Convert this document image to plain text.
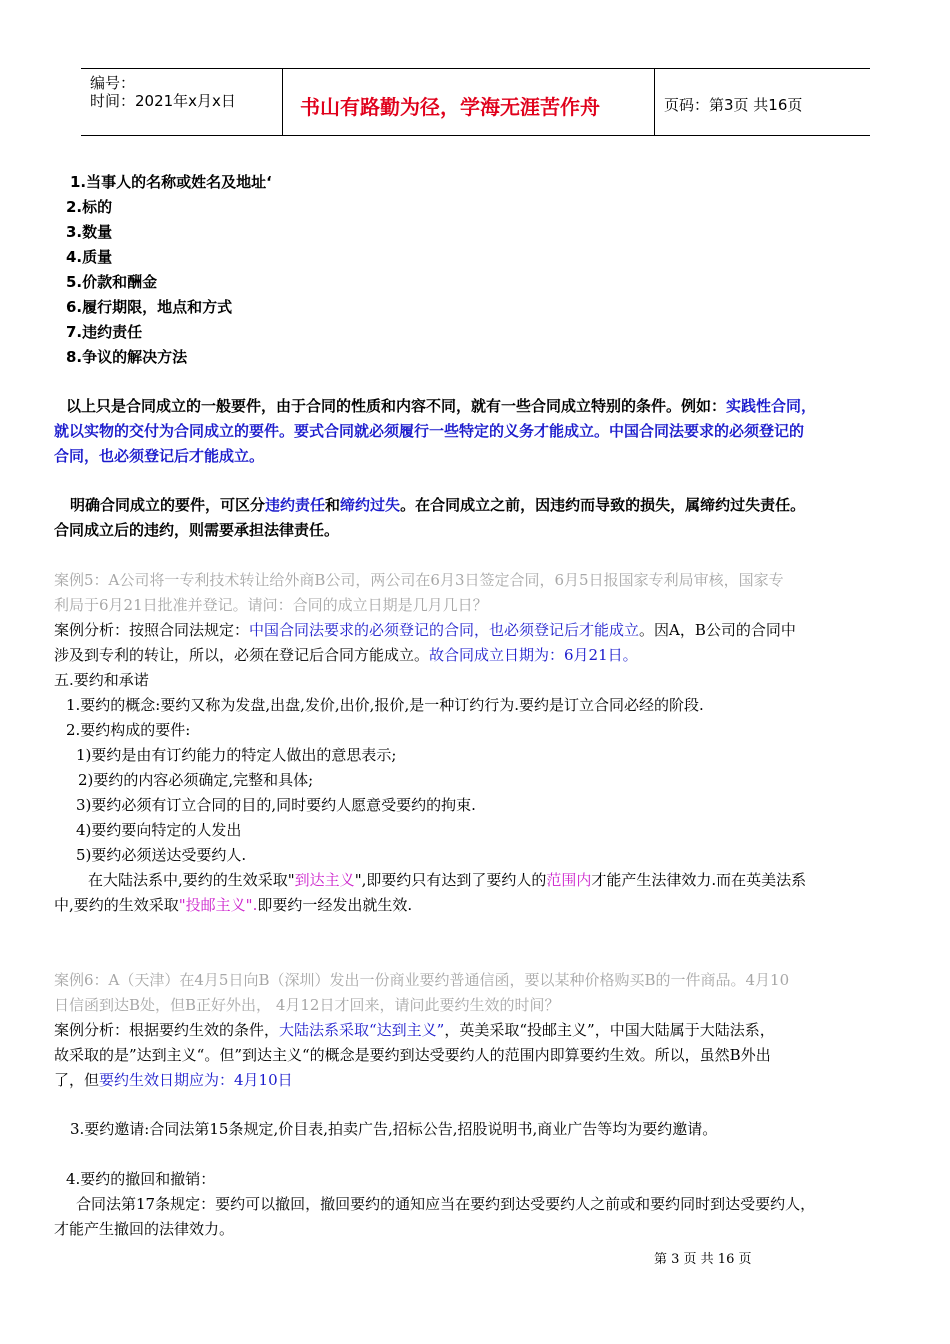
编号：
时间：2021年x月x日	书山有路勤为径，学海无涯苦作舟	页码：第3页 共16页
1.当事人的名称或姓名及地址‘
2.标的
3.数量
4.质量
5.价款和酬金
6.履行期限，地点和方式
7.违约责任
8.争议的解决方法
以上只是合同成立的一般要件，由于合同的性质和内容不同，就有一些合同成立特别的条件。例如：实践性合同，
就以实物的交付为合同成立的要件。要式合同就必须履行一些特定的义务才能成立。中国合同法要求的必须登记的
合同，也必须登记后才能成立。
明确合同成立的要件，可区分违约责任和缔约过失。在合同成立之前，因违约而导致的损失，属缔约过失责任。
合同成立后的违约，则需要承担法律责任。
案例5：A公司将一专利技术转让给外商B公司，两公司在6月3日签定合同，6月5日报国家专利局审核，国家专
利局于6月21日批准并登记。请问：合同的成立日期是几月几日？
案例分析：按照合同法规定：中国合同法要求的必须登记的合同，也必须登记后才能成立。因A，B公司的合同中
涉及到专利的转让，所以，必须在登记后合同方能成立。故合同成立日期为：6月21日。
五.要约和承诺
1.要约的概念:要约又称为发盘,出盘,发价,出价,报价,是一种订约行为.要约是订立合同必经的阶段.
2.要约构成的要件:
1)要约是由有订约能力的特定人做出的意思表示;
2)要约的内容必须确定,完整和具体;
3)要约必须有订立合同的目的,同时要约人愿意受要约的拘束.
4)要约要向特定的人发出
5)要约必须送达受要约人.
在大陆法系中,要约的生效采取"到达主义",即要约只有达到了要约人的范围内才能产生法律效力.而在英美法系
中,要约的生效采取"投邮主义".即要约一经发出就生效.
案例6：A（天津）在4月5日向B（深圳）发出一份商业要约普通信函，要以某种价格购买B的一件商品。4月10
日信函到达B处，但B正好外出， 4月12日才回来，请问此要约生效的时间？
案例分析：根据要约生效的条件，大陆法系采取“达到主义”，英美采取“投邮主义”，中国大陆属于大陆法系，
故采取的是”达到主义“。但”到达主义“的概念是要约到达受要约人的范围内即算要约生效。所以，虽然B外出
了，但要约生效日期应为：4月10日
3.要约邀请:合同法第15条规定,价目表,拍卖广告,招标公告,招股说明书,商业广告等均为要约邀请。
4.要约的撤回和撤销：
合同法第17条规定：要约可以撤回，撤回要约的通知应当在要约到达受要约人之前或和要约同时到达受要约人，
才能产生撤回的法律效力。
第 3 页 共 16 页
